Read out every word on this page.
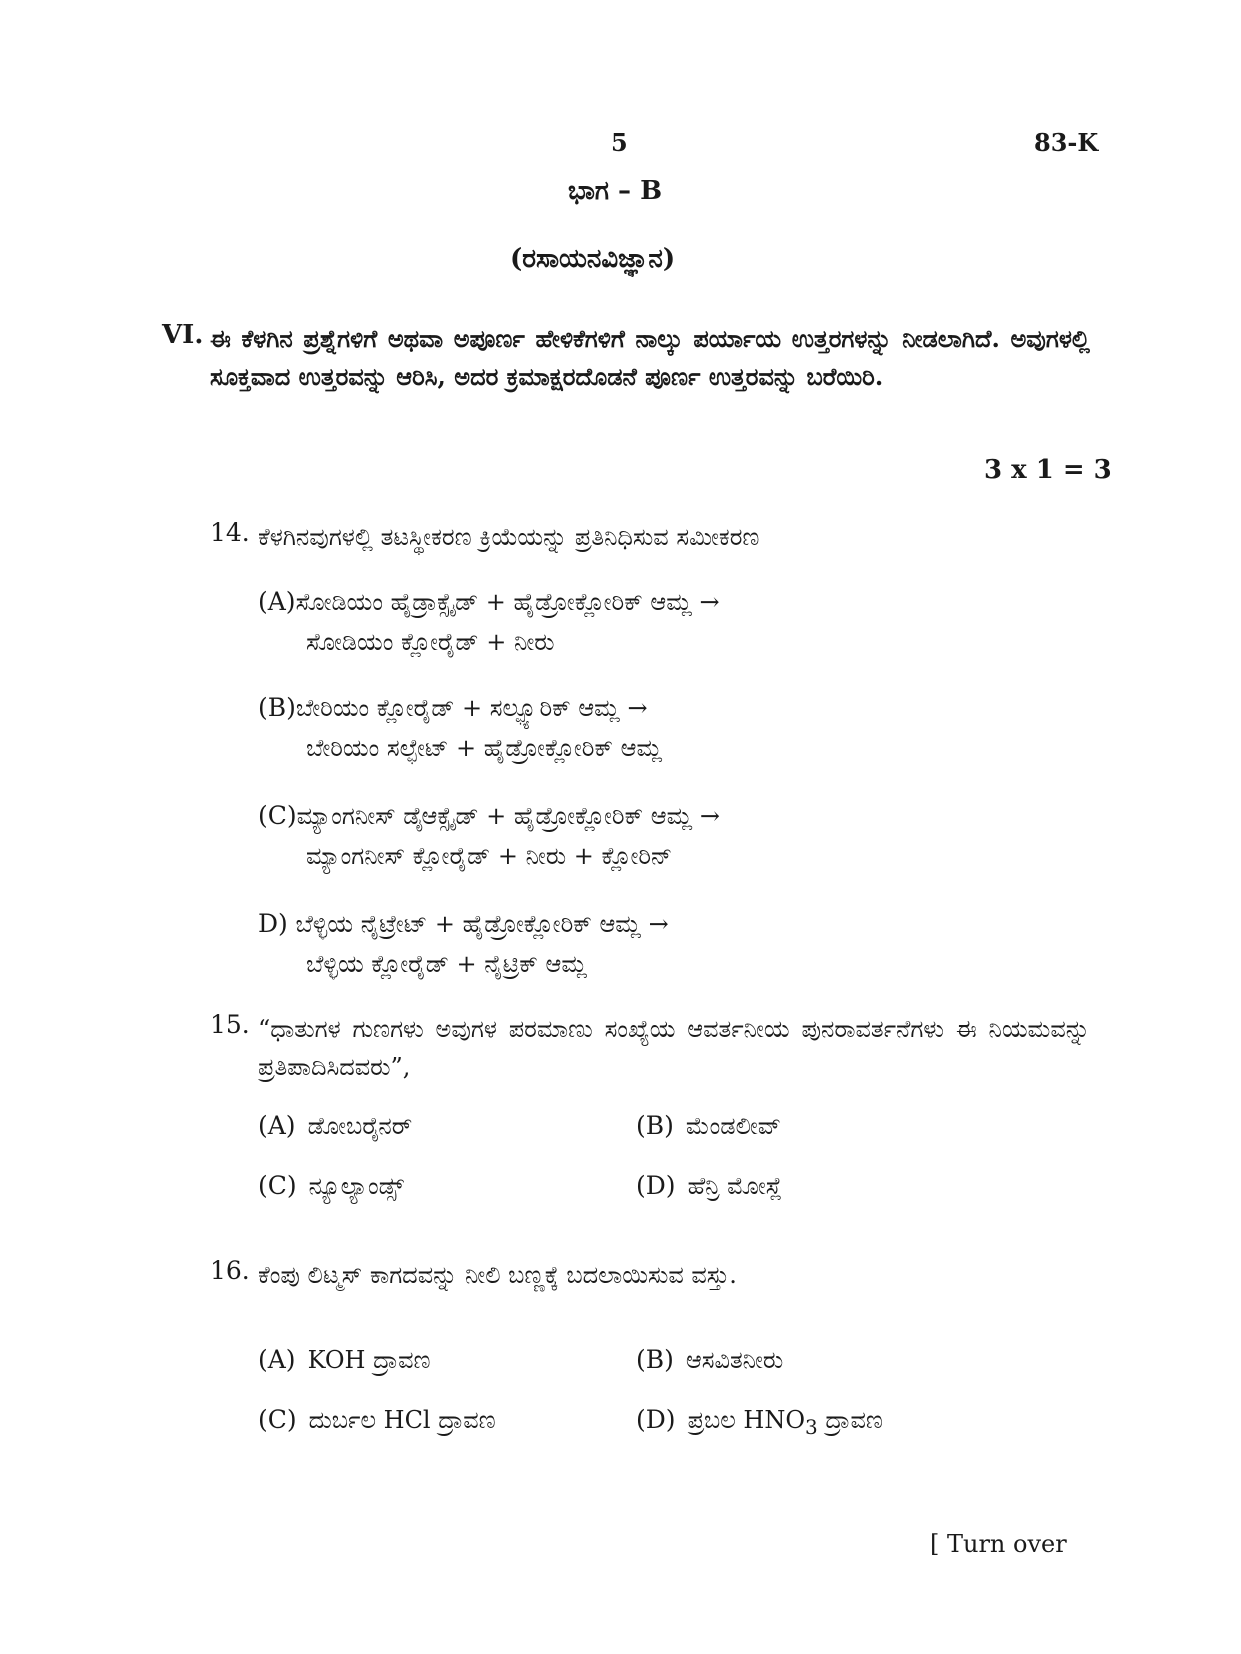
5	83-K
ಭಾಗ – B
(ರಸಾಯನವಿಜ್ಞಾನ)
VI. ಈ ಕೆಳಗಿನ ಪ್ರಶ್ನೆಗಳಿಗೆ ಅಥವಾ ಅಪೂರ್ಣ ಹೇಳಿಕೆಗಳಿಗೆ ನಾಲ್ಕು ಪರ್ಯಾಯ ಉತ್ತರಗಳನ್ನು ನೀಡಲಾಗಿದೆ. ಅವುಗಳಲ್ಲಿ ಸೂಕ್ತವಾದ ಉತ್ತರವನ್ನು ಆರಿಸಿ, ಅದರ ಕ್ರಮಾಕ್ಷರದೊಡನೆ ಪೂರ್ಣ ಉತ್ತರವನ್ನು ಬರೆಯಿರಿ.
3 x 1 = 3
14. ಕೆಳಗಿನವುಗಳಲ್ಲಿ ತಟಸ್ಥೀಕರಣ ಕ್ರಿಯೆಯನ್ನು ಪ್ರತಿನಿಧಿಸುವ ಸಮೀಕರಣ
(A)ಸೋಡಿಯಂ ಹೈಡ್ರಾಕ್ಸೈಡ್ + ಹೈಡ್ರೋಕ್ಲೋರಿಕ್ ಆಮ್ಲ →
ಸೋಡಿಯಂ ಕ್ಲೋರೈಡ್ + ನೀರು
(B)ಬೇರಿಯಂ ಕ್ಲೋರೈಡ್ + ಸಲ್ಫ್ಯೂರಿಕ್ ಆಮ್ಲ →
ಬೇರಿಯಂ ಸಲ್ಫೇಟ್ + ಹೈಡ್ರೋಕ್ಲೋರಿಕ್ ಆಮ್ಲ
(C)ಮ್ಯಾಂಗನೀಸ್ ಡೈಆಕ್ಸೈಡ್ + ಹೈಡ್ರೋಕ್ಲೋರಿಕ್ ಆಮ್ಲ →
ಮ್ಯಾಂಗನೀಸ್ ಕ್ಲೋರೈಡ್ + ನೀರು + ಕ್ಲೋರಿನ್
D) ಬೆಳ್ಳಿಯ ನೈಟ್ರೇಟ್ + ಹೈಡ್ರೋಕ್ಲೋರಿಕ್ ಆಮ್ಲ →
ಬೆಳ್ಳಿಯ ಕ್ಲೋರೈಡ್ + ನೈಟ್ರಿಕ್ ಆಮ್ಲ
15. “ಧಾತುಗಳ ಗುಣಗಳು ಅವುಗಳ ಪರಮಾಣು ಸಂಖ್ಯೆಯ ಆವರ್ತನೀಯ ಪುನರಾವರ್ತನೆಗಳು ಈ ನಿಯಮವನ್ನು ಪ್ರತಿಪಾದಿಸಿದವರು”,
(A) ಡೋಬರೈನರ್	(B) ಮೆಂಡಲೀವ್
(C) ನ್ಯೂಲ್ಯಾಂಡ್ಸ್	(D) ಹೆನ್ರಿ ಮೋಸ್ಲೆ
16. ಕೆಂಪು ಲಿಟ್ಮಸ್ ಕಾಗದವನ್ನು ನೀಲಿ ಬಣ್ಣಕ್ಕೆ ಬದಲಾಯಿಸುವ ವಸ್ತು.
(A) KOH ದ್ರಾವಣ	(B) ಆಸವಿತನೀರು
(C) ದುರ್ಬಲ HCl ದ್ರಾವಣ	(D) ಪ್ರಬಲ $HNO_3$ ದ್ರಾವಣ
[ Turn over
